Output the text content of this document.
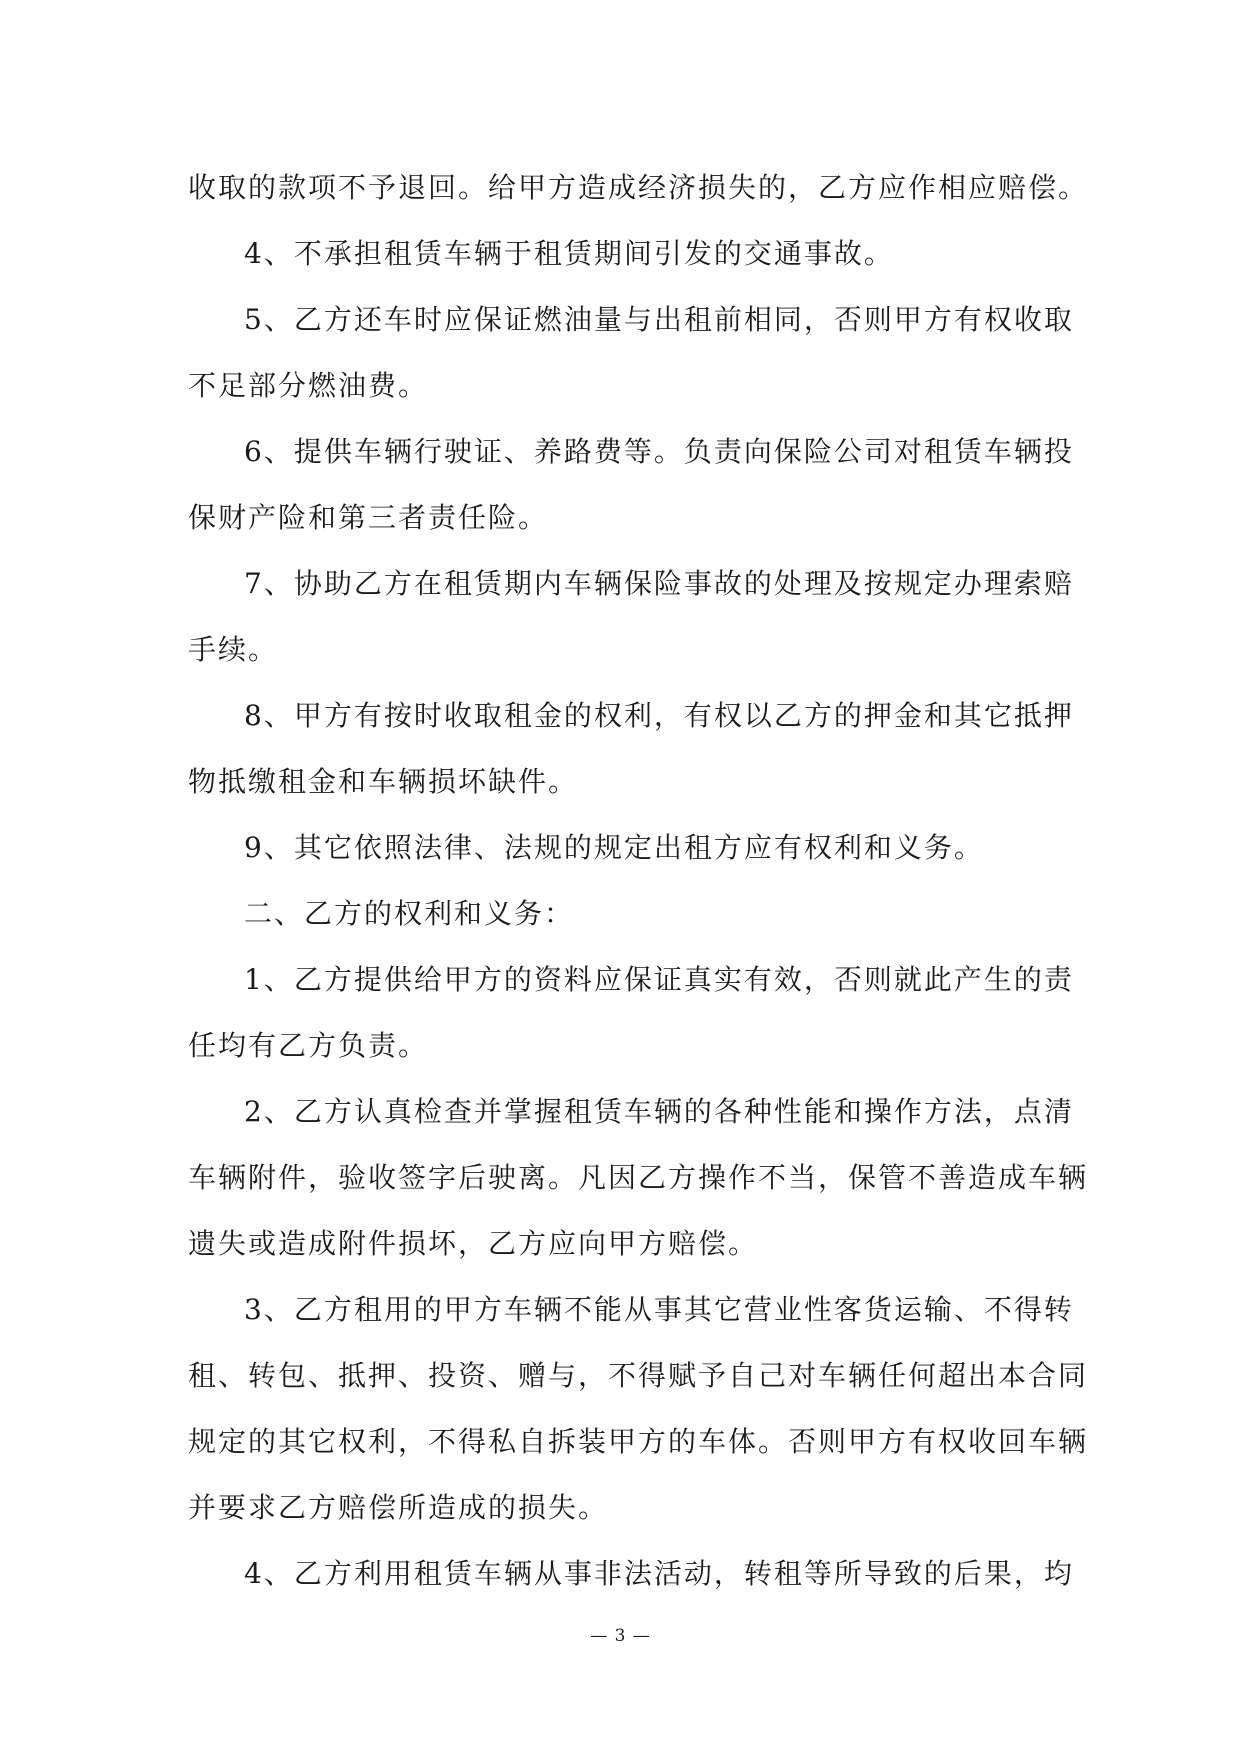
收取的款项不予退回。给甲方造成经济损失的，乙方应作相应赔偿。
4、不承担租赁车辆于租赁期间引发的交通事故。
5、乙方还车时应保证燃油量与出租前相同，否则甲方有权收取
不足部分燃油费。
6、提供车辆行驶证、养路费等。负责向保险公司对租赁车辆投
保财产险和第三者责任险。
7、协助乙方在租赁期内车辆保险事故的处理及按规定办理索赔
手续。
8、甲方有按时收取租金的权利，有权以乙方的押金和其它抵押
物抵缴租金和车辆损坏缺件。
9、其它依照法律、法规的规定出租方应有权利和义务。
二、乙方的权利和义务：
1、乙方提供给甲方的资料应保证真实有效，否则就此产生的责
任均有乙方负责。
2、乙方认真检查并掌握租赁车辆的各种性能和操作方法，点清
车辆附件，验收签字后驶离。凡因乙方操作不当，保管不善造成车辆
遗失或造成附件损坏，乙方应向甲方赔偿。
3、乙方租用的甲方车辆不能从事其它营业性客货运输、不得转
租、转包、抵押、投资、赠与，不得赋予自己对车辆任何超出本合同
规定的其它权利，不得私自拆装甲方的车体。否则甲方有权收回车辆
并要求乙方赔偿所造成的损失。
4、乙方利用租赁车辆从事非法活动，转租等所导致的后果，均
— 3 —
